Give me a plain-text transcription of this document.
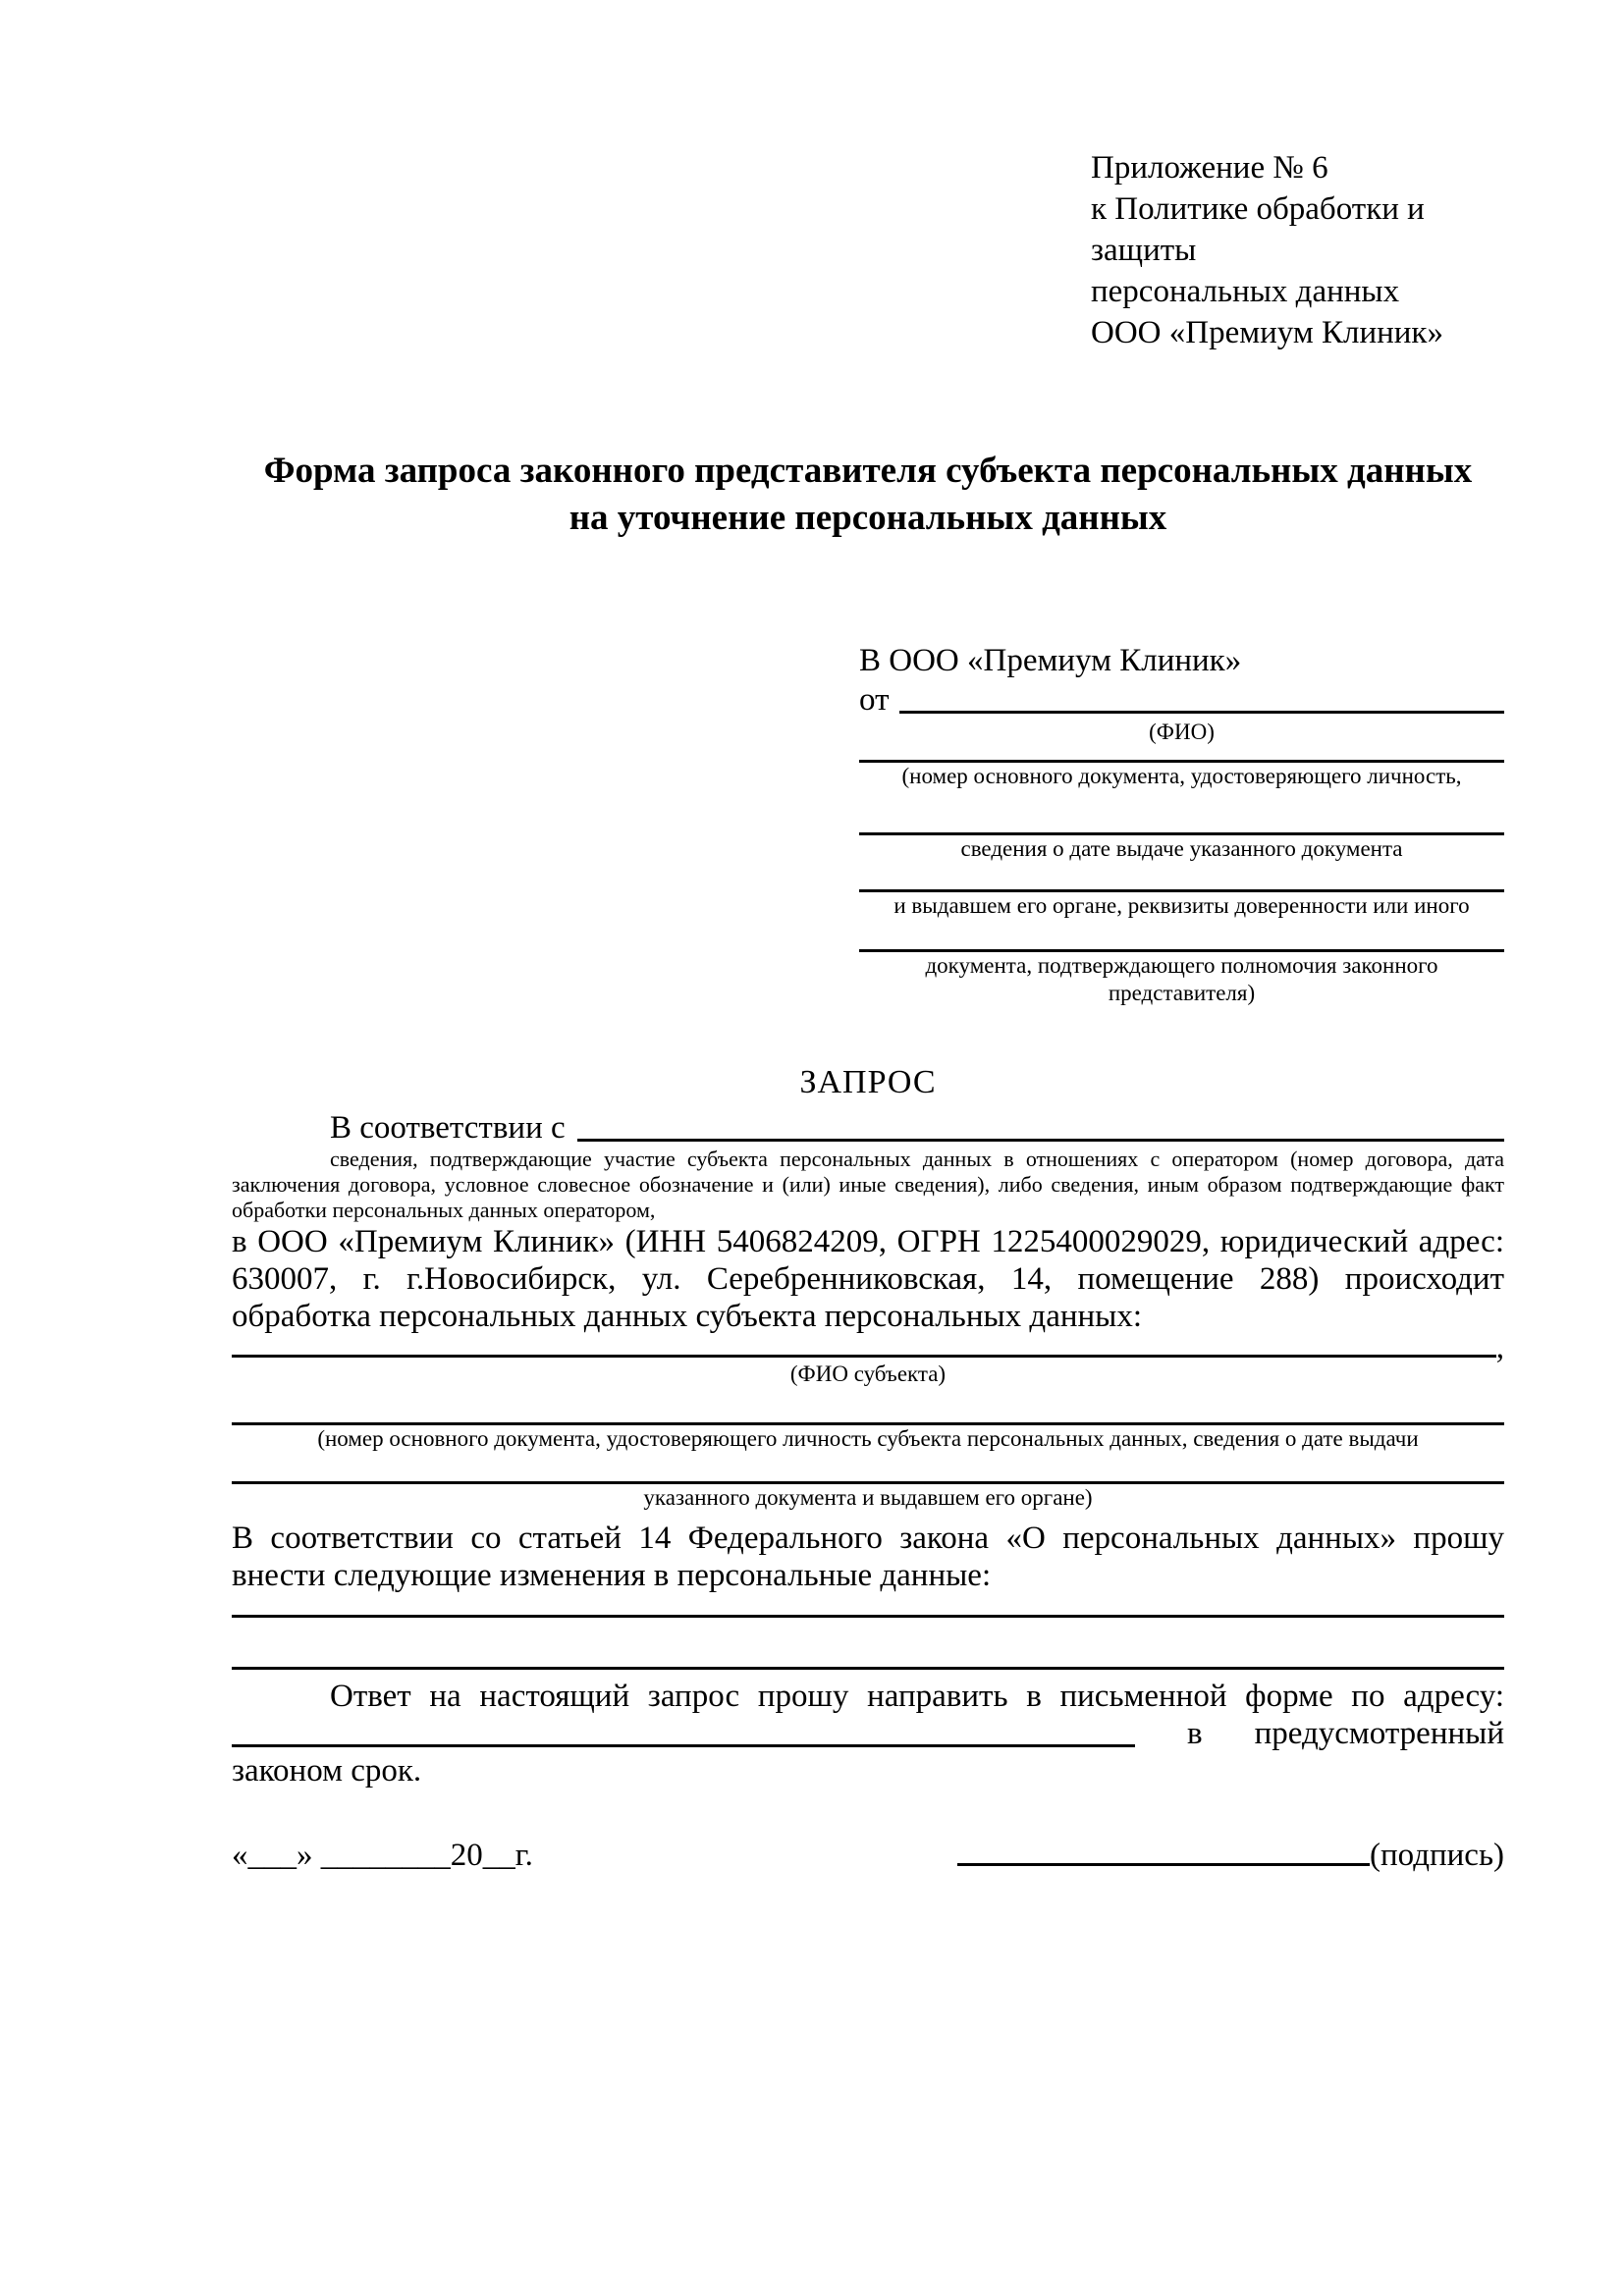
Приложение № 6
к Политике обработки и защиты
персональных данных
ООО «Премиум Клиник»
Форма запроса законного представителя субъекта персональных данных
на уточнение персональных данных
В ООО «Премиум Клиник»
от
(ФИО)
(номер основного документа, удостоверяющего личность,
сведения о дате выдаче указанного документа
и выдавшем его органе, реквизиты доверенности или иного
документа, подтверждающего полномочия законного представителя)
ЗАПРОС
В соответствии с
сведения, подтверждающие участие субъекта персональных данных в отношениях с оператором (номер договора, дата заключения договора, условное словесное обозначение и (или) иные сведения), либо сведения, иным образом подтверждающие факт обработки персональных данных оператором,

в ООО «Премиум Клиник» (ИНН 5406824209, ОГРН 1225400029029, юридический адрес: 630007, г. г.Новосибирск, ул. Серебренниковская, 14, помещение 288) происходит обработка персональных данных субъекта персональных данных:

,
(ФИО субъекта)
(номер основного документа, удостоверяющего личность субъекта персональных данных, сведения о дате выдачи
указанного документа и выдавшем его органе)

В соответствии со статьей 14 Федерального закона «О персональных данных» прошу внести следующие изменения в персональные данные:

Ответ на настоящий запрос прошу направить в письменной форме по адресу:

в предусмотренный

законом срок.

«___» ________20__г.	(подпись)
